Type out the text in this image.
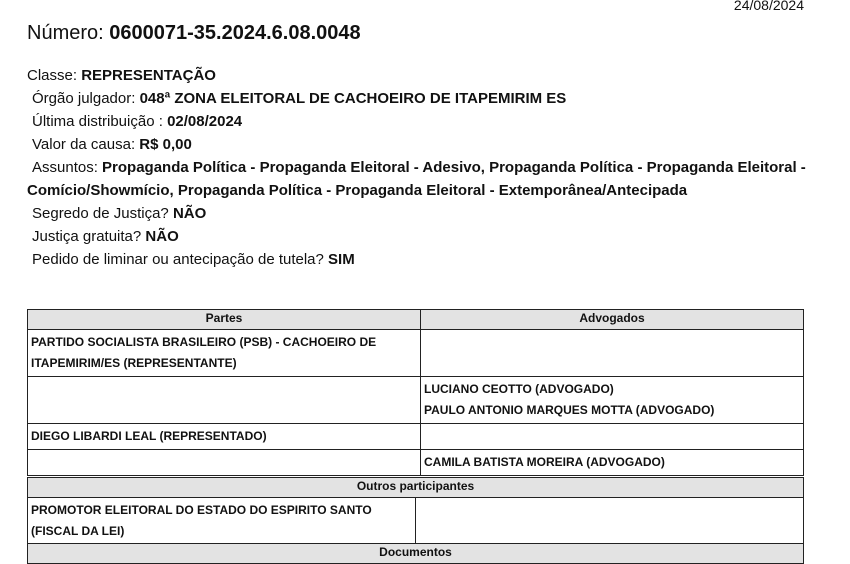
24/08/2024
Número: 0600071-35.2024.6.08.0048
Classe: REPRESENTAÇÃO
Órgão julgador: 048ª ZONA ELEITORAL DE CACHOEIRO DE ITAPEMIRIM ES
Última distribuição : 02/08/2024
Valor da causa: R$ 0,00
Assuntos: Propaganda Política - Propaganda Eleitoral - Adesivo, Propaganda Política - Propaganda Eleitoral - Comício/Showmício, Propaganda Política - Propaganda Eleitoral - Extemporânea/Antecipada
Segredo de Justiça? NÃO
Justiça gratuita? NÃO
Pedido de liminar ou antecipação de tutela? SIM
Partes	Advogados
PARTIDO SOCIALISTA BRASILEIRO (PSB) - CACHOEIRO DE ITAPEMIRIM/ES (REPRESENTANTE)	

	LUCIANO CEOTTO (ADVOGADO)
PAULO ANTONIO MARQUES MOTTA (ADVOGADO)

DIEGO LIBARDI LEAL (REPRESENTADO)	
	CAMILA BATISTA MOREIRA (ADVOGADO)
Outros participantes
PROMOTOR ELEITORAL DO ESTADO DO ESPIRITO SANTO (FISCAL DA LEI)	
Documentos
